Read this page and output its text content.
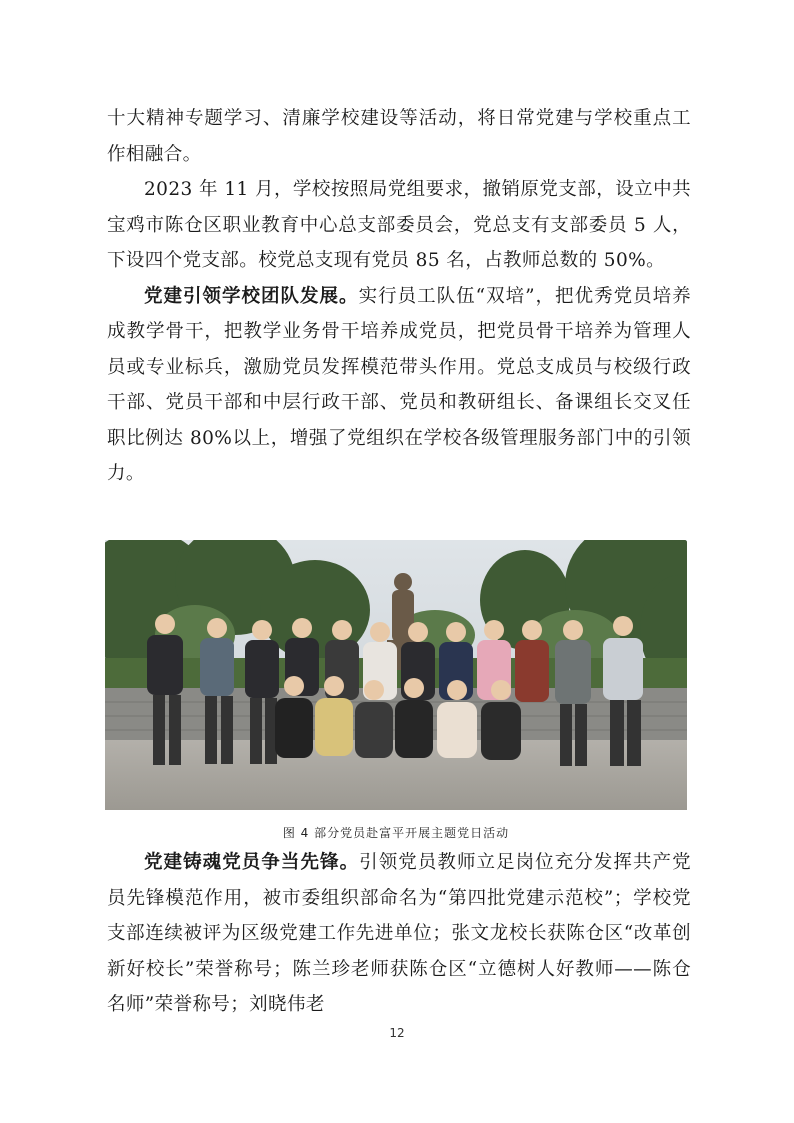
十大精神专题学习、清廉学校建设等活动，将日常党建与学校重点工作相融合。

2023 年 11 月，学校按照局党组要求，撤销原党支部，设立中共宝鸡市陈仓区职业教育中心总支部委员会，党总支有支部委员 5 人，下设四个党支部。校党总支现有党员 85 名，占教师总数的 50%。

党建引领学校团队发展。实行员工队伍“双培”，把优秀党员培养成教学骨干，把教学业务骨干培养成党员，把党员骨干培养为管理人员或专业标兵，激励党员发挥模范带头作用。党总支成员与校级行政干部、党员干部和中层行政干部、党员和教研组长、备课组长交叉任职比例达 80%以上，增强了党组织在学校各级管理服务部门中的引领力。

图 4 部分党员赴富平开展主题党日活动

党建铸魂党员争当先锋。引领党员教师立足岗位充分发挥共产党员先锋模范作用，被市委组织部命名为“第四批党建示范校”；学校党支部连续被评为区级党建工作先进单位；张文龙校长获陈仓区“改革创新好校长”荣誉称号；陈兰珍老师获陈仓区“立德树人好教师——陈仓名师”荣誉称号；刘晓伟老

12
